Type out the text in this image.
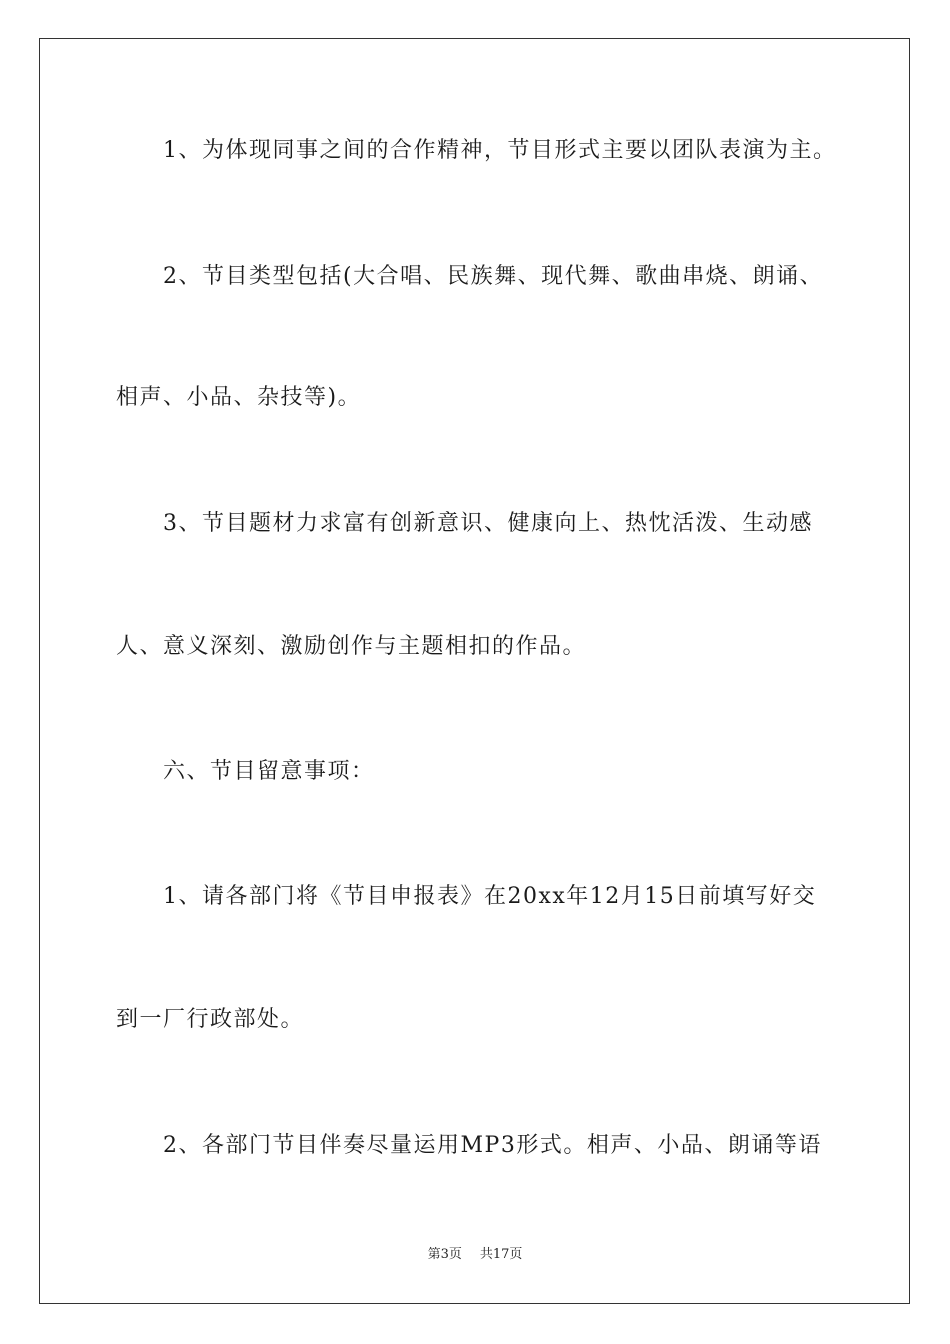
1、为体现同事之间的合作精神，节目形式主要以团队表演为主。
2、节目类型包括(大合唱、民族舞、现代舞、歌曲串烧、朗诵、
相声、小品、杂技等)。
3、节目题材力求富有创新意识、健康向上、热忱活泼、生动感
人、意义深刻、激励创作与主题相扣的作品。
六、节目留意事项：
1、请各部门将《节目申报表》在20xx年12月15日前填写好交
到一厂行政部处。
2、各部门节目伴奏尽量运用MP3形式。相声、小品、朗诵等语
第3页 共17页
